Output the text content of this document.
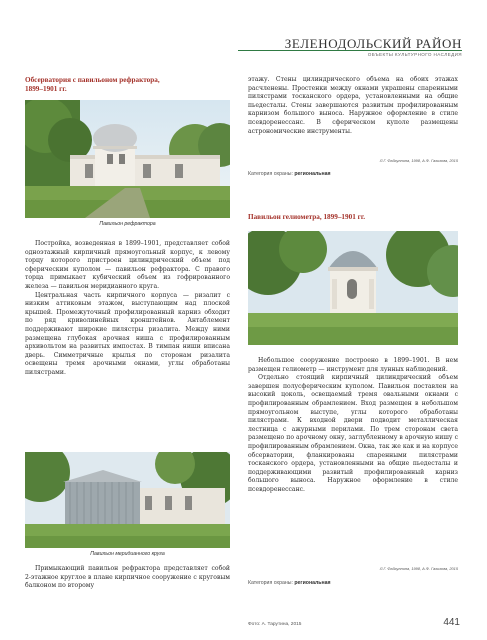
ЗЕЛЕНОДОЛЬСКИЙ РАЙОН
ОБЪЕКТЫ КУЛЬТУРНОГО НАСЛЕДИЯ
Обсерватория с павильоном рефрактора,
1899–1901 гг.
Павильон рефрактора

Постройка, возведенная в 1899–1901, представляет собой одноэтажный кирпичный прямоугольный корпус, к левому торцу которого пристроен цилиндрический объем под сферическим куполом — павильон рефрактора. С правого торца примыкает кубический объем из гофрированного железа — павильон меридианного круга.

Центральная часть кирпичного корпуса — ризалит с низким аттиковым этажом, выступающим над плоской крышей. Промежуточный профилированный карниз обходит по ряд криволинейных кронштейнов. Антаблемент поддерживают широкие пилястры ризалита. Между ними размещена глубокая арочная ниша с профилированным архивольтом на развитых импостах. В тимпан ниши вписана дверь. Симметричные крылья по сторонам ризалита освещены тремя арочными окнами, углы обработаны пилястрами.

Павильон меридианного круга

Примыкающий павильон рефрактора представляет собой 2-этажное круглое в плане кирпичное сооружение с круговым балконом по второму

этажу. Стены цилиндрического объема на обоих этажах расчленены. Простенки между окнами украшены спаренными пилястрами тосканского ордера, установленными на общие пьедесталы. Стены завершаются развитым профилированным карнизом большого выноса. Наружное оформление в стиле псевдоренессанс. В сферическом куполе размещены астрономические инструменты.

Л.Г. Файзуллина, 1998, А.Ф. Газизова, 2015
Категория охраны: региональная
Павильон гелиометра, 1899–1901 гг.

Небольшое сооружение построено в 1899–1901. В нем размещен гелиометр — инструмент для лунных наблюдений.

Отдельно стоящий кирпичный цилиндрический объем завершен полусферическим куполом. Павильон поставлен на высокий цоколь, освещаемый тремя овальными окнами с профилированным обрамлением. Вход размещен в небольшом прямоугольном выступе, углы которого обработаны пилястрами. К входной двери подводит металлическая лестница с ажурными перилами. По трем сторонам света размещено по арочному окну, заглубленному в арочную нишу с профилированным обрамлением. Окна, так же как и на корпусе обсерватории, фланкированы спаренными пилястрами тосканского ордера, установленными на общие пьедесталы и поддерживающими развитый профилированный карниз большого выноса. Наружное оформление в стиле псевдоренессанс.

Л.Г. Файзуллина, 1998, А.Ф. Газизова, 2015
Категория охраны: региональная
Фото: А. Тарутина, 2015	441
